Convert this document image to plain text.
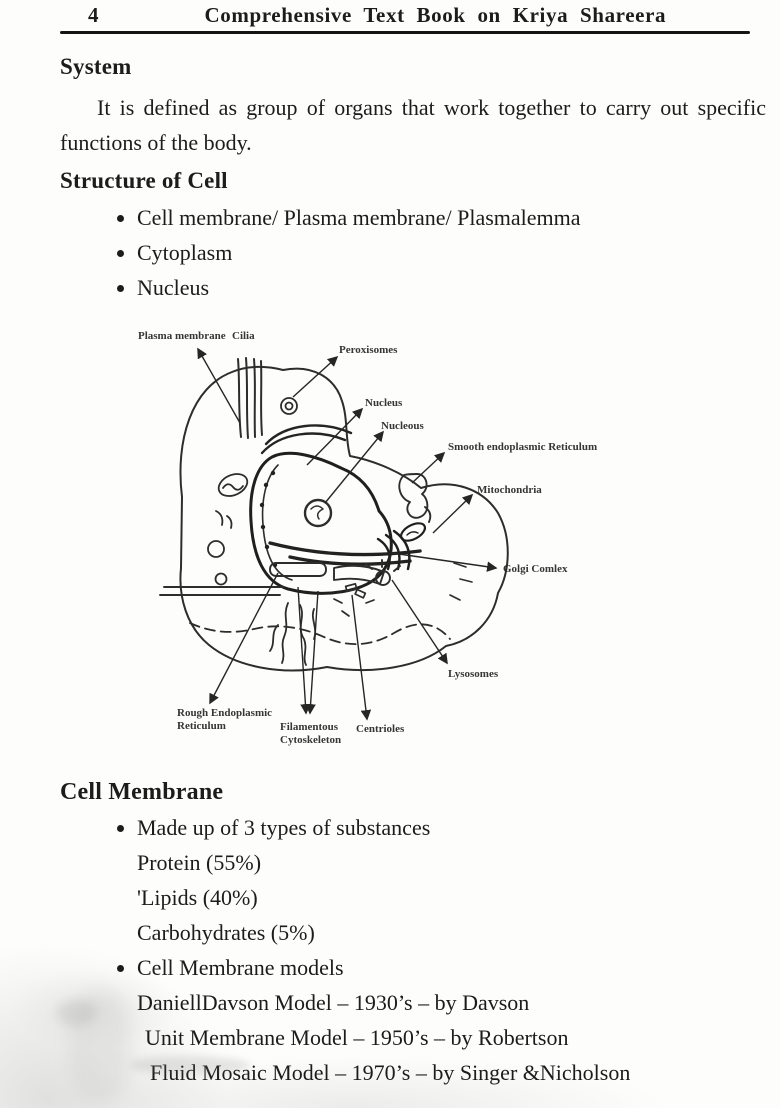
4	Comprehensive Text Book on Kriya Shareera
System

It is defined as group of organs that work together to carry out specific functions of the body.

Structure of Cell
Cell membrane/ Plasma membrane/ Plasmalemma
Cytoplasm
Nucleus
Plasma membrane Cilia
Peroxisomes
Nucleus
Nucleous
Smooth endoplasmic Reticulum
Mitochondria
Golgi Comlex
Lysosomes
Rough Endoplasmic
Reticulum	Filamentous
Cytoskeleton
Centrioles
Cell Membrane
Made up of 3 types of substances
Protein (55%)
'Lipids (40%)
Carbohydrates (5%)
Cell Membrane models
DaniellDavson Model – 1930’s – by Davson
Unit Membrane Model – 1950’s – by Robertson
Fluid Mosaic Model – 1970’s – by Singer &Nicholson
